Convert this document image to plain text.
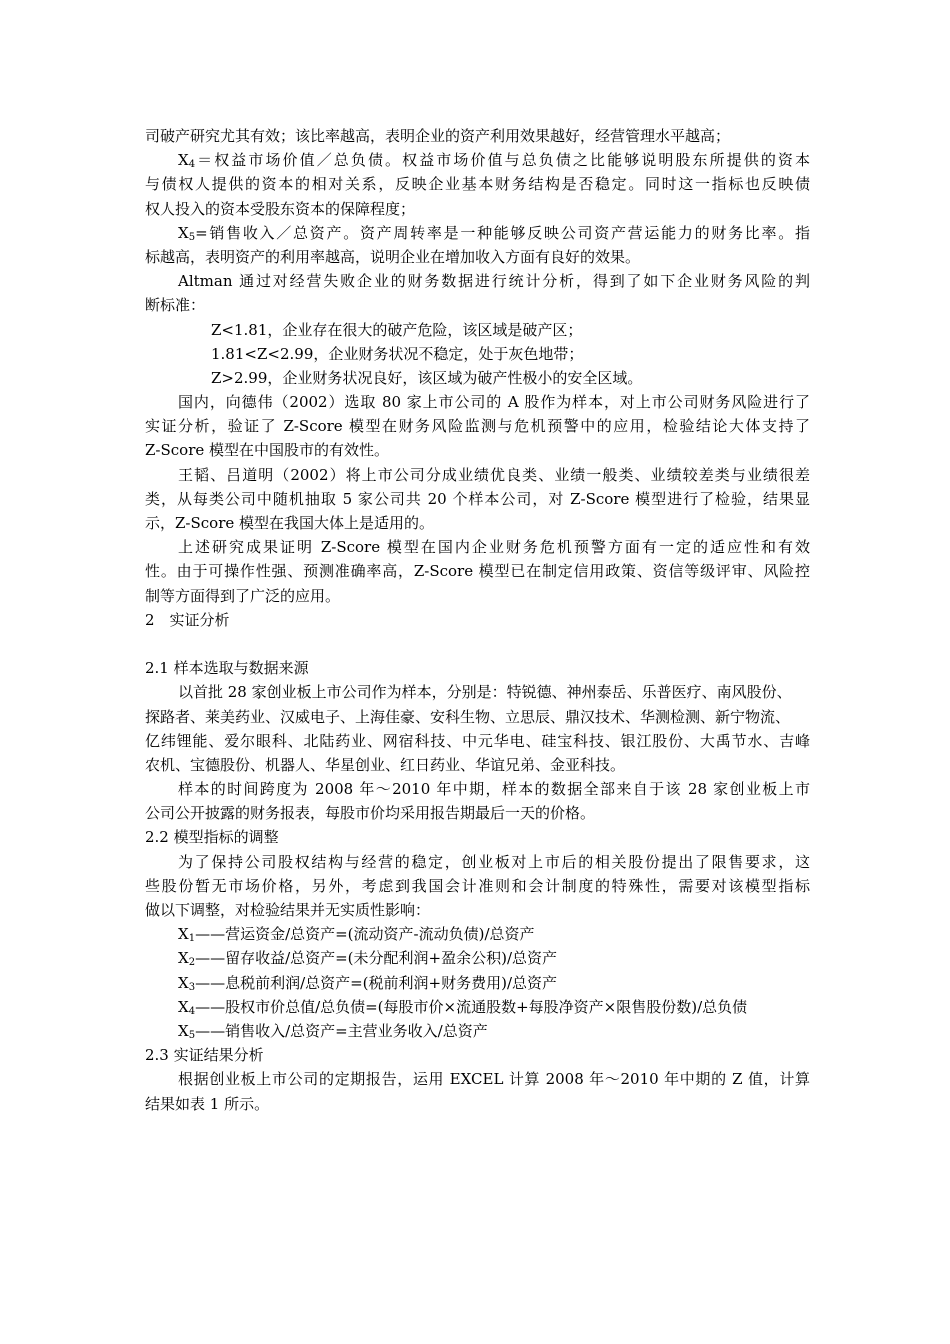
司破产研究尤其有效；该比率越高，表明企业的资产利用效果越好，经营管理水平越高；
$X_4=$权益市场价值／总负债。权益市场价值与总负债之比能够说明股东所提供的资本
与债权人提供的资本的相对关系，反映企业基本财务结构是否稳定。同时这一指标也反映债
权人投入的资本受股东资本的保障程度；
$X_5=$销售收入／总资产。资产周转率是一种能够反映公司资产营运能力的财务比率。指
标越高，表明资产的利用率越高，说明企业在增加收入方面有良好的效果。
Altman 通过对经营失败企业的财务数据进行统计分析，得到了如下企业财务风险的判
断标准：
Z<1.81，企业存在很大的破产危险，该区域是破产区；
1.81<Z<2.99，企业财务状况不稳定，处于灰色地带；
Z>2.99，企业财务状况良好，该区域为破产性极小的安全区域。
国内，向德伟（2002）选取 80 家上市公司的 A 股作为样本，对上市公司财务风险进行了
实证分析，验证了 Z-Score 模型在财务风险监测与危机预警中的应用，检验结论大体支持了
Z-Score 模型在中国股市的有效性。
王韬、吕道明（2002）将上市公司分成业绩优良类、业绩一般类、业绩较差类与业绩很差
类，从每类公司中随机抽取 5 家公司共 20 个样本公司，对 Z-Score 模型进行了检验，结果显
示，Z-Score 模型在我国大体上是适用的。
上述研究成果证明 Z-Score 模型在国内企业财务危机预警方面有一定的适应性和有效
性。由于可操作性强、预测准确率高，Z-Score 模型已在制定信用政策、资信等级评审、风险控
制等方面得到了广泛的应用。
2　实证分析
2.1 样本选取与数据来源
以首批 28 家创业板上市公司作为样本，分别是：特锐德、神州泰岳、乐普医疗、南风股份、
探路者、莱美药业、汉威电子、上海佳豪、安科生物、立思辰、鼎汉技术、华测检测、新宁物流、
亿纬锂能、爱尔眼科、北陆药业、网宿科技、中元华电、硅宝科技、银江股份、大禹节水、吉峰
农机、宝德股份、机器人、华星创业、红日药业、华谊兄弟、金亚科技。
样本的时间跨度为 2008 年～2010 年中期，样本的数据全部来自于该 28 家创业板上市
公司公开披露的财务报表，每股市价均采用报告期最后一天的价格。
2.2 模型指标的调整
为了保持公司股权结构与经营的稳定，创业板对上市后的相关股份提出了限售要求，这
些股份暂无市场价格，另外，考虑到我国会计准则和会计制度的特殊性，需要对该模型指标
做以下调整，对检验结果并无实质性影响：
$X_1——$营运资金/总资产=(流动资产-流动负债)/总资产
$X_2——$留存收益/总资产=(未分配利润+盈余公积)/总资产
$X_3——$息税前利润/总资产=(税前利润+财务费用)/总资产
$X_4——$股权市价总值/总负债=(每股市价×流通股数+每股净资产×限售股份数)/总负债
$X_5——$销售收入/总资产=主营业务收入/总资产
2.3 实证结果分析
根据创业板上市公司的定期报告，运用 EXCEL 计算 2008 年～2010 年中期的 Z 值，计算
结果如表 1 所示。
